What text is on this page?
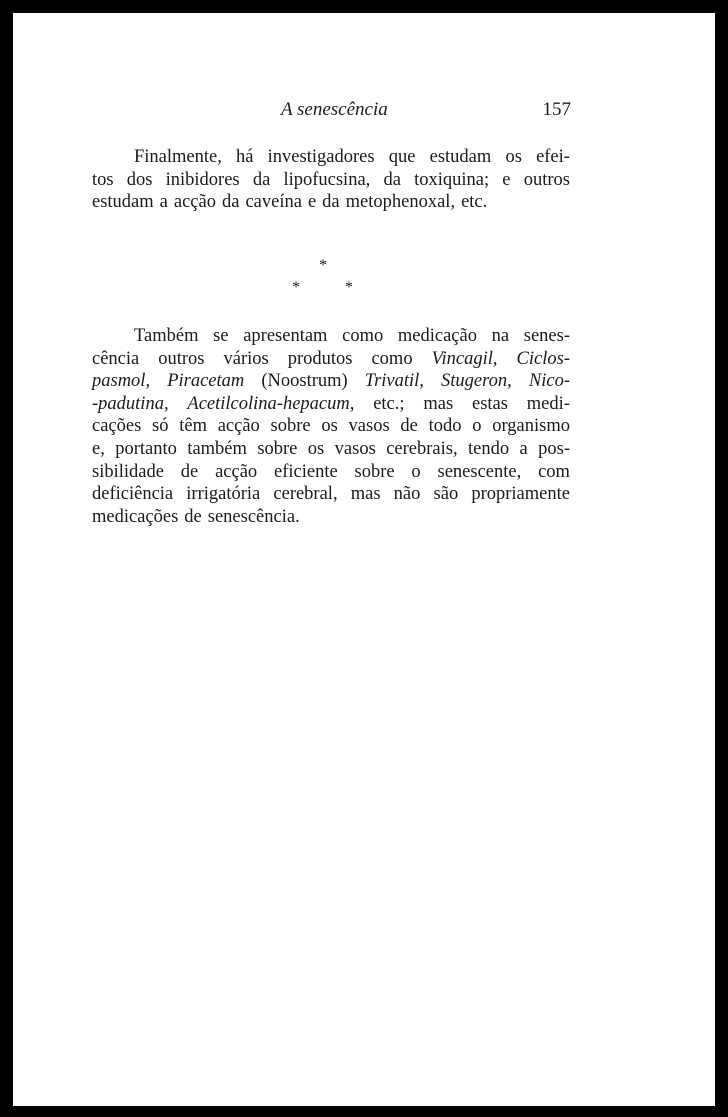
A senescência	157
Finalmente, há investigadores que estudam os efei-
tos dos inibidores da lipofucsina, da toxiquina; e outros
estudam a acção da caveína e da metophenoxal, etc.
*
*	*
Também se apresentam como medicação na senes-
cência outros vários produtos como Vincagil, Ciclos-
pasmol, Piracetam (Noostrum) Trivatil, Stugeron, Nico-
-padutina, Acetilcolina-hepacum, etc.; mas estas medi-
cações só têm acção sobre os vasos de todo o organismo
e, portanto também sobre os vasos cerebrais, tendo a pos-
sibilidade de acção eficiente sobre o senescente, com
deficiência irrigatória cerebral, mas não são propriamente
medicações de senescência.
